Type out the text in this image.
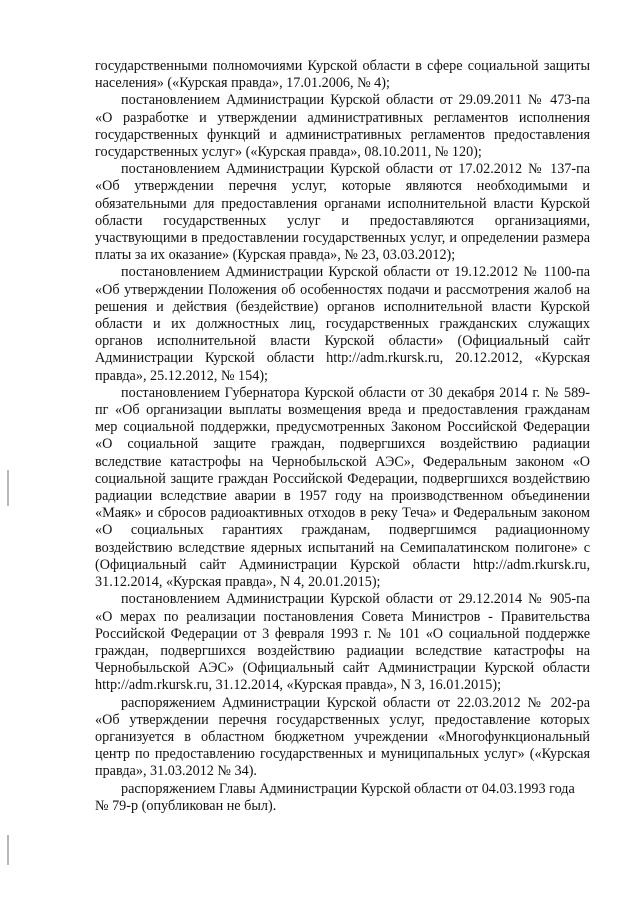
государственными полномочиями Курской области в сфере социальной защиты населения» («Курская правда», 17.01.2006, № 4);

постановлением Администрации Курской области от 29.09.2011 № 473-па «О разработке и утверждении административных регламентов исполнения государственных функций и административных регламентов предоставления государственных услуг» («Курская правда», 08.10.2011, № 120);

постановлением Администрации Курской области от 17.02.2012 № 137-па «Об утверждении перечня услуг, которые являются необходимыми и обязательными для предоставления органами исполнительной власти Курской области государственных услуг и предоставляются организациями, участвующими в предоставлении государственных услуг, и определении размера платы за их оказание» (Курская правда», № 23, 03.03.2012);

постановлением Администрации Курской области от 19.12.2012 № 1100-па «Об утверждении Положения об особенностях подачи и рассмотрения жалоб на решения и действия (бездействие) органов исполнительной власти Курской области и их должностных лиц, государственных гражданских служащих органов исполнительной власти Курской области» (Официальный сайт Администрации Курской области http://adm.rkursk.ru, 20.12.2012, «Курская правда», 25.12.2012, № 154);

постановлением Губернатора Курской области от 30 декабря 2014 г. № 589-пг «Об организации выплаты возмещения вреда и предоставления гражданам мер социальной поддержки, предусмотренных Законом Российской Федерации «О социальной защите граждан, подвергшихся воздействию радиации вследствие катастрофы на Чернобыльской АЭС», Федеральным законом «О социальной защите граждан Российской Федерации, подвергшихся воздействию радиации вследствие аварии в 1957 году на производственном объединении «Маяк» и сбросов радиоактивных отходов в реку Теча» и Федеральным законом «О социальных гарантиях гражданам, подвергшимся радиационному воздействию вследствие ядерных испытаний на Семипалатинском полигоне» с (Официальный сайт Администрации Курской области http://adm.rkursk.ru, 31.12.2014, «Курская правда», N 4, 20.01.2015);

постановлением Администрации Курской области от 29.12.2014 № 905-па «О мерах по реализации постановления Совета Министров - Правительства Российской Федерации от 3 февраля 1993 г. № 101 «О социальной поддержке граждан, подвергшихся воздействию радиации вследствие катастрофы на Чернобыльской АЭС» (Официальный сайт Администрации Курской области http://adm.rkursk.ru, 31.12.2014, «Курская правда», N 3, 16.01.2015);

распоряжением Администрации Курской области от 22.03.2012 № 202-ра «Об утверждении перечня государственных услуг, предоставление которых организуется в областном бюджетном учреждении «Многофункциональный центр по предоставлению государственных и муниципальных услуг» («Курская правда», 31.03.2012 № 34).

распоряжением Главы Администрации Курской области от 04.03.1993 года № 79-р (опубликован не был).
